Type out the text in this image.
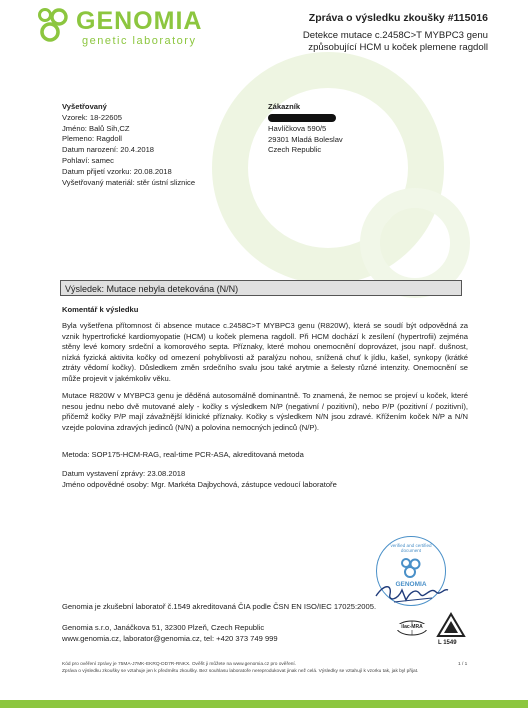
GENOMIA
genetic laboratory
Zpráva o výsledku zkoušky #115016
Detekce mutace c.2458C>T MYBPC3 genu
způsobující HCM u koček plemene ragdoll
Vyšetřovaný
Vzorek: 18-22605
Jméno: Balů Sih,CZ
Plemeno: Ragdoll
Datum narození: 20.4.2018
Pohlaví: samec
Datum přijetí vzorku: 20.08.2018
Vyšetřovaný materiál: stěr ústní sliznice
Zákazník
Havlíčkova 590/5
29301 Mladá Boleslav
Czech Republic
Výsledek: Mutace nebyla detekována (N/N)
Komentář k výsledku
Byla vyšetřena přítomnost či absence mutace c.2458C>T MYBPC3 genu (R820W), která se soudí být odpovědná za vznik hypertrofické kardiomyopatie (HCM) u koček plemena ragdoll. Při HCM dochází k zesílení (hypertrofii) zejména stěny levé komory srdeční a komorového septa. Příznaky, které mohou onemocnění doprovázet, jsou např. dušnost, nízká fyzická aktivita kočky od omezení pohyblivosti až paralýzu nohou, snížená chuť k jídlu, kašel, synkopy (krátké ztráty vědomí kočky). Důsledkem změn srdečního svalu jsou také arytmie a šelesty různé intenzity. Onemocnění se může projevit v jakémkoliv věku.
Mutace R820W v MYBPC3 genu je děděná autosomálně dominantně. To znamená, že nemoc se projeví u koček, které nesou jednu nebo dvě mutované alely - kočky s výsledkem N/P (negativní / pozitivní), nebo P/P (pozitivní / pozitivní), přičemž kočky P/P mají závažnější klinické příznaky. Kočky s výsledkem N/N jsou zdravé. Křížením koček N/P a N/N vzejde polovina zdravých jedinců (N/N) a polovina nemocných jedinců (N/P).
Metoda: SOP175-HCM-RAG, real-time PCR-ASA, akreditovaná metoda
Datum vystavení zprávy: 23.08.2018
Jméno odpovědné osoby: Mgr. Markéta Dajbychová, zástupce vedoucí laboratoře
verified and certified document
GENOMIA
Genomia je zkušební laboratoř č.1549 akreditovaná ČIA podle ČSN EN ISO/IEC 17025:2005.
Genomia s.r.o, Janáčkova 51, 32300 Plzeň, Czech Republic
www.genomia.cz, laborator@genomia.cz, tel: +420 373 749 999
ilac-MRA
L 1549
Kód pro ověření zprávy je 75MA-J7MK-EKRQ-DD7R-RNKX. Ověřit ji můžete na www.genomia.cz pro ověření.
Zpráva o výsledku zkoušky se vztahuje jen k předmětu zkoušky. Bez souhlasu laboratoře nereprodukovat jinak než celá. Výsledky se vztahují k vzorku tak, jak byl přijat.
1 / 1
